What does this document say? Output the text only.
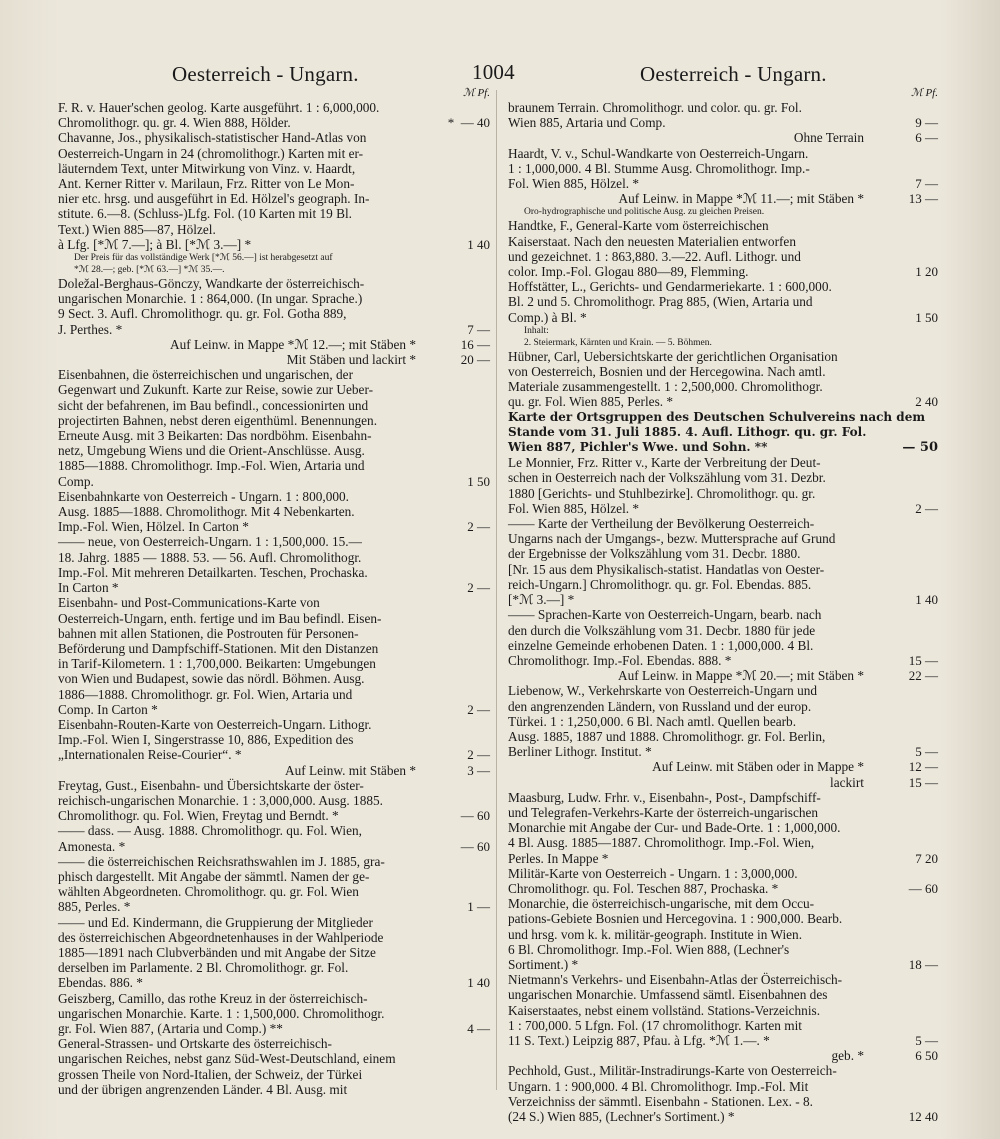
Oesterreich - Ungarn.	1004	Oesterreich - Ungarn.
ℳ Pf.
F. R. v. Hauer'schen geolog. Karte ausgeführt. 1 : 6,000,000.
Chromolithogr. qu. gr. 4. Wien 888, Hölder.	*  — 40
Chavanne, Jos., physikalisch-statistischer Hand-Atlas von
Oesterreich-Ungarn in 24 (chromolithogr.) Karten mit er-
läuterndem Text, unter Mitwirkung von Vinz. v. Haardt,
Ant. Kerner Ritter v. Marilaun, Frz. Ritter von Le Mon-
nier etc. hrsg. und ausgeführt in Ed. Hölzel's geograph. In-
stitute. 6.—8. (Schluss-)Lfg. Fol. (10 Karten mit 19 Bl.
Text.) Wien 885—87, Hölzel.
à Lfg. [*ℳ 7.—]; à Bl. [*ℳ 3.—] *	1 40
Der Preis für das vollständige Werk [*ℳ 56.—] ist herabgesetzt auf
*ℳ 28.—; geb. [*ℳ 63.—] *ℳ 35.—.
Doležal-Berghaus-Gönczy, Wandkarte der österreichisch-
ungarischen Monarchie. 1 : 864,000. (In ungar. Sprache.)
9 Sect. 3. Aufl. Chromolithogr. qu. gr. Fol. Gotha 889,
J. Perthes. *	7 —
Auf Leinw. in Mappe *ℳ 12.—; mit Stäben *	16 —
Mit Stäben und lackirt *	20 —
Eisenbahnen, die österreichischen und ungarischen, der
Gegenwart und Zukunft. Karte zur Reise, sowie zur Ueber-
sicht der befahrenen, im Bau befindl., concessionirten und
projectirten Bahnen, nebst deren eigenthüml. Benennungen.
Erneute Ausg. mit 3 Beikarten: Das nordböhm. Eisenbahn-
netz, Umgebung Wiens und die Orient-Anschlüsse. Ausg.
1885—1888. Chromolithogr. Imp.-Fol. Wien, Artaria und
Comp.	1 50
Eisenbahnkarte von Oesterreich - Ungarn. 1 : 800,000.
Ausg. 1885—1888. Chromolithogr. Mit 4 Nebenkarten.
Imp.-Fol. Wien, Hölzel. In Carton *	2 —
—— neue, von Oesterreich-Ungarn. 1 : 1,500,000. 15.—
18. Jahrg. 1885 — 1888. 53. — 56. Aufl. Chromolithogr.
Imp.-Fol. Mit mehreren Detailkarten. Teschen, Prochaska.
In Carton *	2 —
Eisenbahn- und Post-Communications-Karte von
Oesterreich-Ungarn, enth. fertige und im Bau befindl. Eisen-
bahnen mit allen Stationen, die Postrouten für Personen-
Beförderung und Dampfschiff-Stationen. Mit den Distanzen
in Tarif-Kilometern. 1 : 1,700,000. Beikarten: Umgebungen
von Wien und Budapest, sowie das nördl. Böhmen. Ausg.
1886—1888. Chromolithogr. gr. Fol. Wien, Artaria und
Comp. In Carton *	2 —
Eisenbahn-Routen-Karte von Oesterreich-Ungarn. Lithogr.
Imp.-Fol. Wien I, Singerstrasse 10, 886, Expedition des
„Internationalen Reise-Courier“. *	2 —
Auf Leinw. mit Stäben *	3 —
Freytag, Gust., Eisenbahn- und Übersichtskarte der öster-
reichisch-ungarischen Monarchie. 1 : 3,000,000. Ausg. 1885.
Chromolithogr. qu. Fol. Wien, Freytag und Berndt. *	— 60
—— dass. — Ausg. 1888. Chromolithogr. qu. Fol. Wien,
Amonesta. *	— 60
—— die österreichischen Reichsrathswahlen im J. 1885, gra-
phisch dargestellt. Mit Angabe der sämmtl. Namen der ge-
wählten Abgeordneten. Chromolithogr. qu. gr. Fol. Wien
885, Perles. *	1 —
—— und Ed. Kindermann, die Gruppierung der Mitglieder
des österreichischen Abgeordnetenhauses in der Wahlperiode
1885—1891 nach Clubverbänden und mit Angabe der Sitze
derselben im Parlamente. 2 Bl. Chromolithogr. gr. Fol.
Ebendas. 886. *	1 40
Geiszberg, Camillo, das rothe Kreuz in der österreichisch-
ungarischen Monarchie. Karte. 1 : 1,500,000. Chromolithogr.
gr. Fol. Wien 887, (Artaria und Comp.) **	4 —
General-Strassen- und Ortskarte des österreichisch-
ungarischen Reiches, nebst ganz Süd-West-Deutschland, einem
grossen Theile von Nord-Italien, der Schweiz, der Türkei
und der übrigen angrenzenden Länder. 4 Bl. Ausg. mit
ℳ Pf.
braunem Terrain. Chromolithogr. und color. qu. gr. Fol.
Wien 885, Artaria und Comp.	9 —
Ohne Terrain	6 —
Haardt, V. v., Schul-Wandkarte von Oesterreich-Ungarn.
1 : 1,000,000. 4 Bl. Stumme Ausg. Chromolithogr. Imp.-
Fol. Wien 885, Hölzel. *	7 —
Auf Leinw. in Mappe *ℳ 11.—; mit Stäben *	13 —
Oro-hydrographische und politische Ausg. zu gleichen Preisen.
Handtke, F., General-Karte vom österreichischen
Kaiserstaat. Nach den neuesten Materialien entworfen
und gezeichnet. 1 : 863,880. 3.—22. Aufl. Lithogr. und
color. Imp.-Fol. Glogau 880—89, Flemming.	1 20
Hoffstätter, L., Gerichts- und Gendarmeriekarte. 1 : 600,000.
Bl. 2 und 5. Chromolithogr. Prag 885, (Wien, Artaria und
Comp.) à Bl. *	1 50
Inhalt:
2. Steiermark, Kärnten und Krain. — 5. Böhmen.
Hübner, Carl, Uebersichtskarte der gerichtlichen Organisation
von Oesterreich, Bosnien und der Hercegowina. Nach amtl.
Materiale zusammengestellt. 1 : 2,500,000. Chromolithogr.
qu. gr. Fol. Wien 885, Perles. *	2 40
Karte der Ortsgruppen des Deutschen Schulvereins nach dem
Stande vom 31. Juli 1885. 4. Aufl. Lithogr. qu. gr. Fol.
Wien 887, Pichler's Wwe. und Sohn. **	— 50
Le Monnier, Frz. Ritter v., Karte der Verbreitung der Deut-
schen in Oesterreich nach der Volkszählung vom 31. Dezbr.
1880 [Gerichts- und Stuhlbezirke]. Chromolithogr. qu. gr.
Fol. Wien 885, Hölzel. *	2 —
—— Karte der Vertheilung der Bevölkerung Oesterreich-
Ungarns nach der Umgangs-, bezw. Muttersprache auf Grund
der Ergebnisse der Volkszählung vom 31. Decbr. 1880.
[Nr. 15 aus dem Physikalisch-statist. Handatlas von Oester-
reich-Ungarn.] Chromolithogr. qu. gr. Fol. Ebendas. 885.
[*ℳ 3.—] *	1 40
—— Sprachen-Karte von Oesterreich-Ungarn, bearb. nach
den durch die Volkszählung vom 31. Decbr. 1880 für jede
einzelne Gemeinde erhobenen Daten. 1 : 1,000,000. 4 Bl.
Chromolithogr. Imp.-Fol. Ebendas. 888. *	15 —
Auf Leinw. in Mappe *ℳ 20.—; mit Stäben *	22 —
Liebenow, W., Verkehrskarte von Oesterreich-Ungarn und
den angrenzenden Ländern, von Russland und der europ.
Türkei. 1 : 1,250,000. 6 Bl. Nach amtl. Quellen bearb.
Ausg. 1885, 1887 und 1888. Chromolithogr. gr. Fol. Berlin,
Berliner Lithogr. Institut. *	5 —
Auf Leinw. mit Stäben oder in Mappe *	12 —
lackirt	15 —
Maasburg, Ludw. Frhr. v., Eisenbahn-, Post-, Dampfschiff-
und Telegrafen-Verkehrs-Karte der österreich-ungarischen
Monarchie mit Angabe der Cur- und Bade-Orte. 1 : 1,000,000.
4 Bl. Ausg. 1885—1887. Chromolithogr. Imp.-Fol. Wien,
Perles. In Mappe *	7 20
Militär-Karte von Oesterreich - Ungarn. 1 : 3,000,000.
Chromolithogr. qu. Fol. Teschen 887, Prochaska. *	— 60
Monarchie, die österreichisch-ungarische, mit dem Occu-
pations-Gebiete Bosnien und Hercegovina. 1 : 900,000. Bearb.
und hrsg. vom k. k. militär-geograph. Institute in Wien.
6 Bl. Chromolithogr. Imp.-Fol. Wien 888, (Lechner's
Sortiment.) *	18 —
Nietmann's Verkehrs- und Eisenbahn-Atlas der Österreichisch-
ungarischen Monarchie. Umfassend sämtl. Eisenbahnen des
Kaiserstaates, nebst einem vollständ. Stations-Verzeichnis.
1 : 700,000. 5 Lfgn. Fol. (17 chromolithogr. Karten mit
11 S. Text.) Leipzig 887, Pfau. à Lfg. *ℳ 1.—. *	5 —
geb. *	6 50
Pechhold, Gust., Militär-Instradirungs-Karte von Oesterreich-
Ungarn. 1 : 900,000. 4 Bl. Chromolithogr. Imp.-Fol. Mit
Verzeichniss der sämmtl. Eisenbahn - Stationen. Lex. - 8.
(24 S.) Wien 885, (Lechner's Sortiment.) *	12 40
